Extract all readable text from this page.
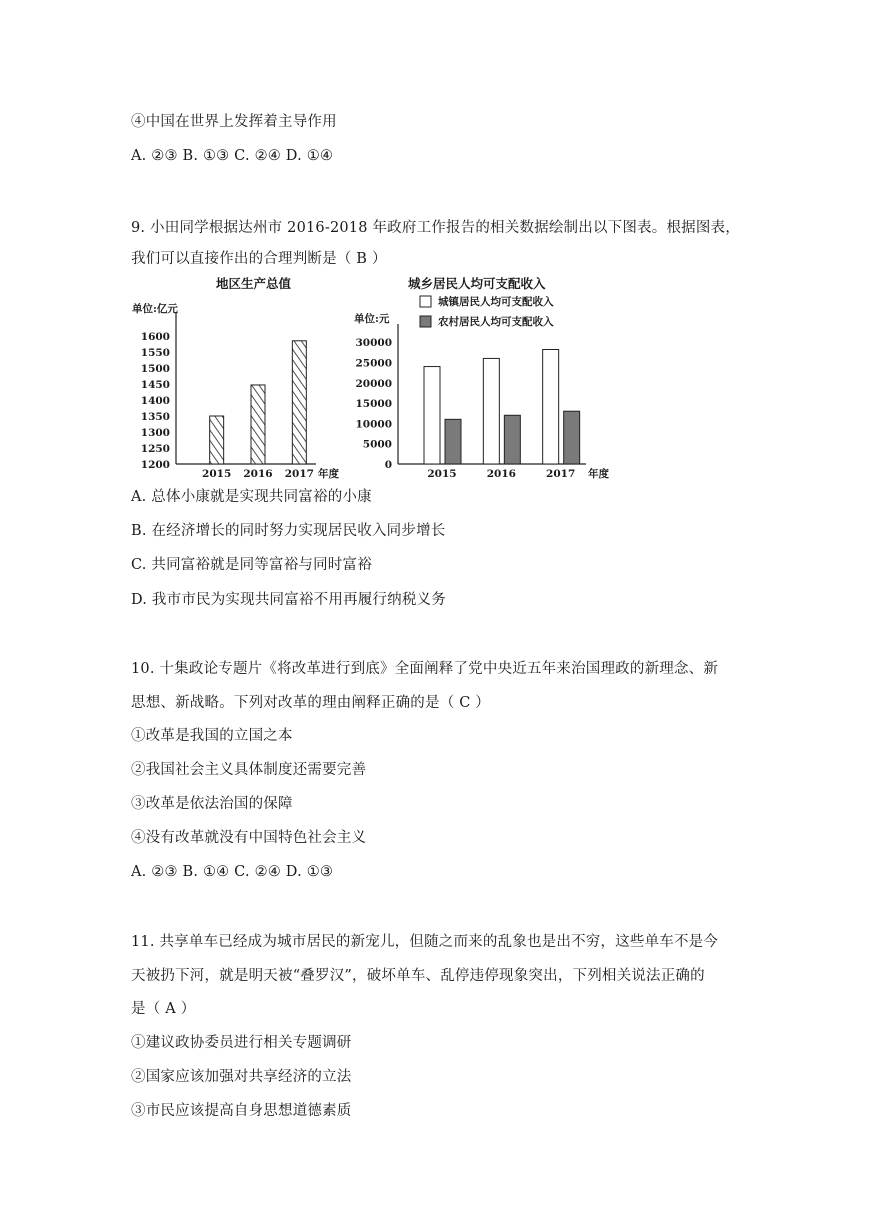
④中国在世界上发挥着主导作用
A. ②③ B. ①③ C. ②④ D. ①④
9. 小田同学根据达州市 2016-2018 年政府工作报告的相关数据绘制出以下图表。根据图表，
我们可以直接作出的合理判断是（ B ）
地区生产总值
单位:亿元
1200
1250
1300
1350
1400
1450
1500
1550
1600
2015 2016 2017 年度
城乡居民人均可支配收入
单位:元
城镇居民人均可支配收入
农村居民人均可支配收入
0
5000
10000
15000
20000
25000
30000
2015	2016	2017 年度
A. 总体小康就是实现共同富裕的小康
B. 在经济增长的同时努力实现居民收入同步增长
C. 共同富裕就是同等富裕与同时富裕
D. 我市市民为实现共同富裕不用再履行纳税义务
10. 十集政论专题片《将改革进行到底》全面阐释了党中央近五年来治国理政的新理念、新
思想、新战略。下列对改革的理由阐释正确的是（ C ）
①改革是我国的立国之本
②我国社会主义具体制度还需要完善
③改革是依法治国的保障
④没有改革就没有中国特色社会主义
A. ②③ B. ①④ C. ②④ D. ①③
11. 共享单车已经成为城市居民的新宠儿，但随之而来的乱象也是出不穷，这些单车不是今
天被扔下河，就是明天被“叠罗汉”，破坏单车、乱停违停现象突出，下列相关说法正确的
是（ A ）
①建议政协委员进行相关专题调研
②国家应该加强对共享经济的立法
③市民应该提高自身思想道德素质
